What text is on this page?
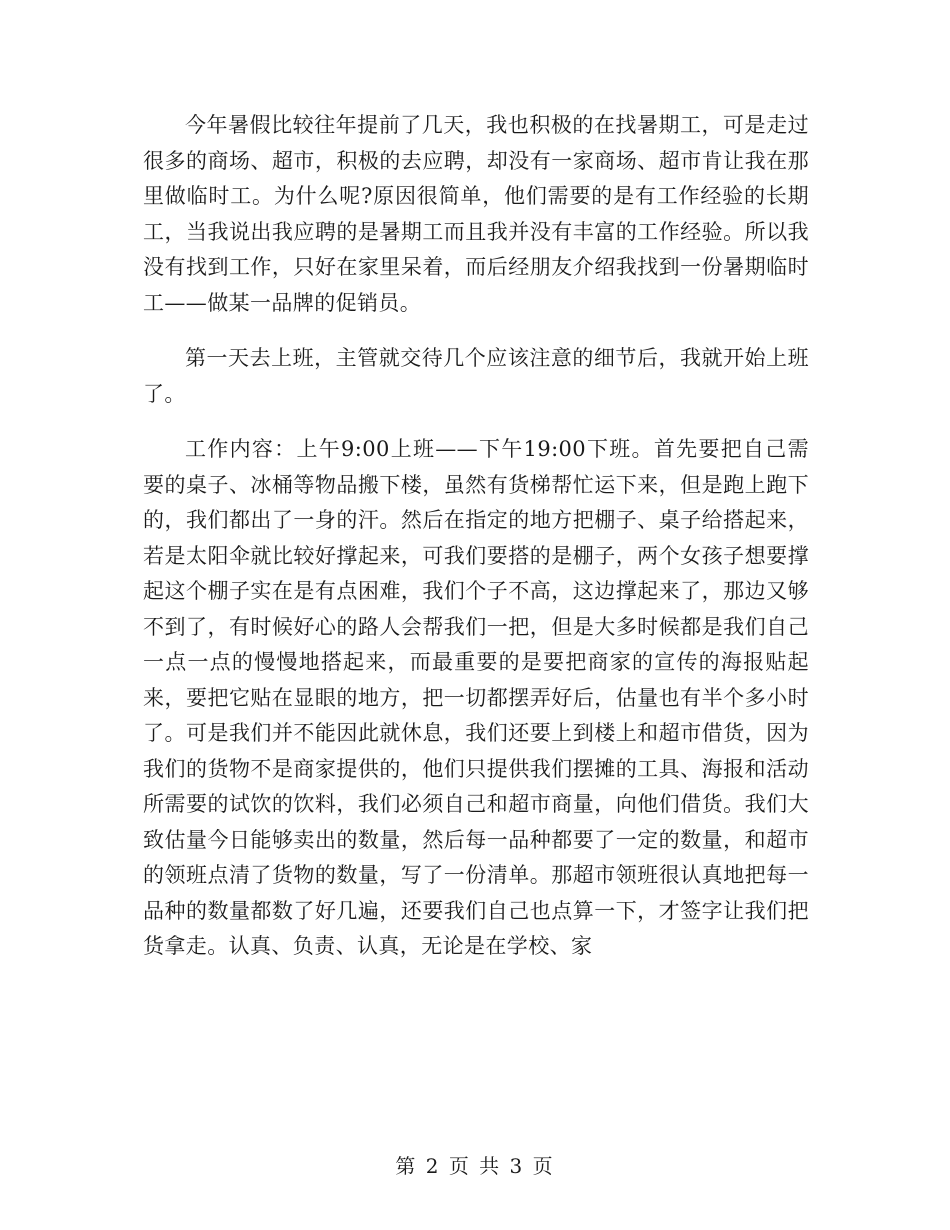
今年暑假比较往年提前了几天，我也积极的在找暑期工，可是走过很多的商场、超市，积极的去应聘，却没有一家商场、超市肯让我在那里做临时工。为什么呢?原因很简单，他们需要的是有工作经验的长期工，当我说出我应聘的是暑期工而且我并没有丰富的工作经验。所以我没有找到工作，只好在家里呆着，而后经朋友介绍我找到一份暑期临时工——做某一品牌的促销员。

第一天去上班，主管就交待几个应该注意的细节后，我就开始上班了。

工作内容：上午9:00上班——下午19:00下班。首先要把自己需要的桌子、冰桶等物品搬下楼，虽然有货梯帮忙运下来，但是跑上跑下的，我们都出了一身的汗。然后在指定的地方把棚子、桌子给搭起来，若是太阳伞就比较好撑起来，可我们要搭的是棚子，两个女孩子想要撑起这个棚子实在是有点困难，我们个子不高，这边撑起来了，那边又够不到了，有时候好心的路人会帮我们一把，但是大多时候都是我们自己一点一点的慢慢地搭起来，而最重要的是要把商家的宣传的海报贴起来，要把它贴在显眼的地方，把一切都摆弄好后，估量也有半个多小时了。可是我们并不能因此就休息，我们还要上到楼上和超市借货，因为我们的货物不是商家提供的，他们只提供我们摆摊的工具、海报和活动所需要的试饮的饮料，我们必须自己和超市商量，向他们借货。我们大致估量今日能够卖出的数量，然后每一品种都要了一定的数量，和超市的领班点清了货物的数量，写了一份清单。那超市领班很认真地把每一品种的数量都数了好几遍，还要我们自己也点算一下，才签字让我们把货拿走。认真、负责、认真，无论是在学校、家

第 2 页 共 3 页
